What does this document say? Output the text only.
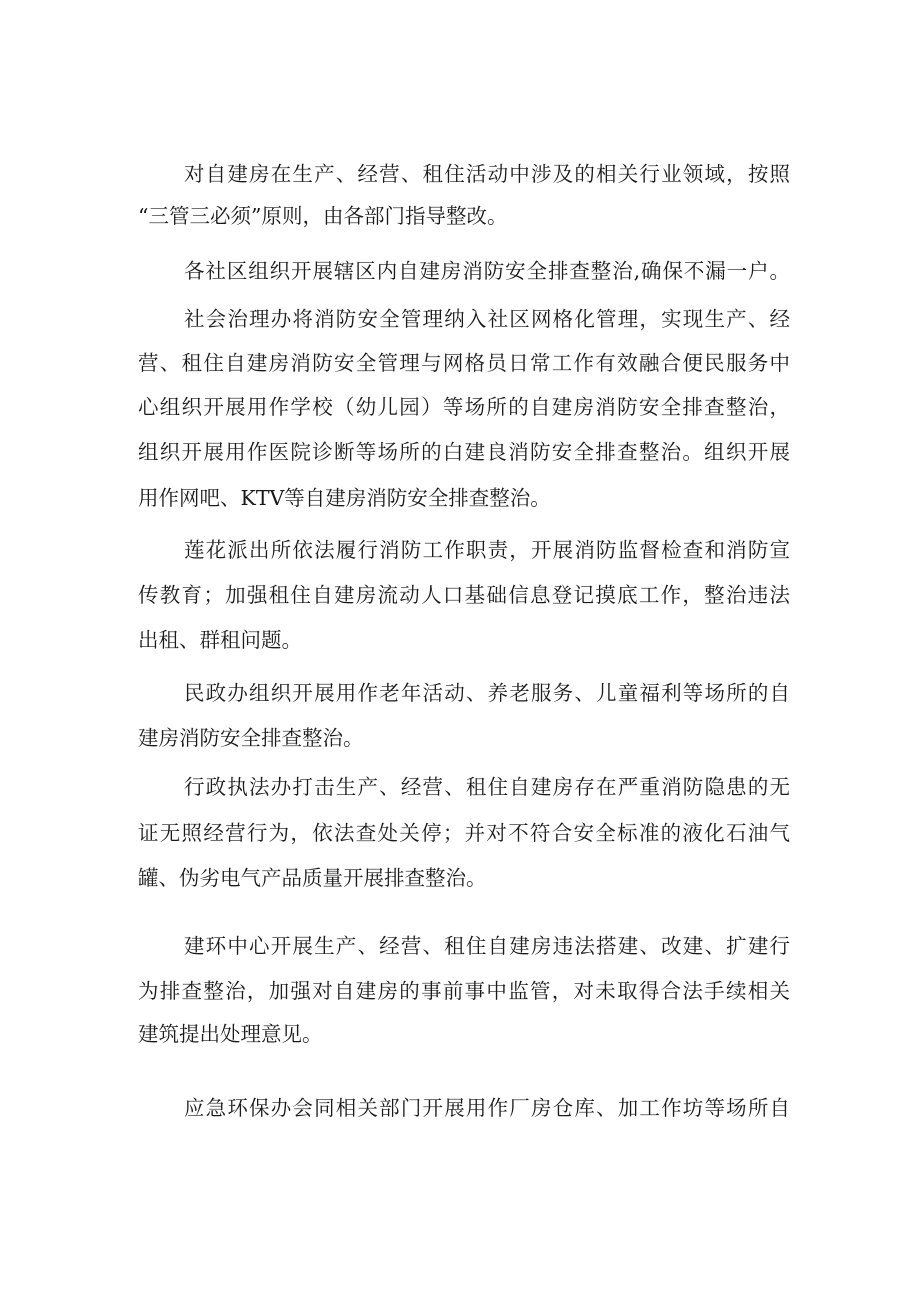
对自建房在生产、经营、租住活动中涉及的相关行业领域，按照
“三管三必须”原则，由各部门指导整改。
各社区组织开展辖区内自建房消防安全排查整治,确保不漏一户。
社会治理办将消防安全管理纳入社区网格化管理，实现生产、经
营、租住自建房消防安全管理与网格员日常工作有效融合便民服务中
心组织开展用作学校（幼儿园）等场所的自建房消防安全排查整治，
组织开展用作医院诊断等场所的白建良消防安全排查整治。组织开展
用作网吧、KTV等自建房消防安全排查整治。
莲花派出所依法履行消防工作职责，开展消防监督检查和消防宣
传教育；加强租住自建房流动人口基础信息登记摸底工作，整治违法
出租、群租问题。
民政办组织开展用作老年活动、养老服务、儿童福利等场所的自
建房消防安全排查整治。
行政执法办打击生产、经营、租住自建房存在严重消防隐患的无
证无照经营行为，依法查处关停；并对不符合安全标准的液化石油气
罐、伪劣电气产品质量开展排查整治。
建环中心开展生产、经营、租住自建房违法搭建、改建、扩建行
为排查整治，加强对自建房的事前事中监管，对未取得合法手续相关
建筑提出处理意见。
应急环保办会同相关部门开展用作厂房仓库、加工作坊等场所自
